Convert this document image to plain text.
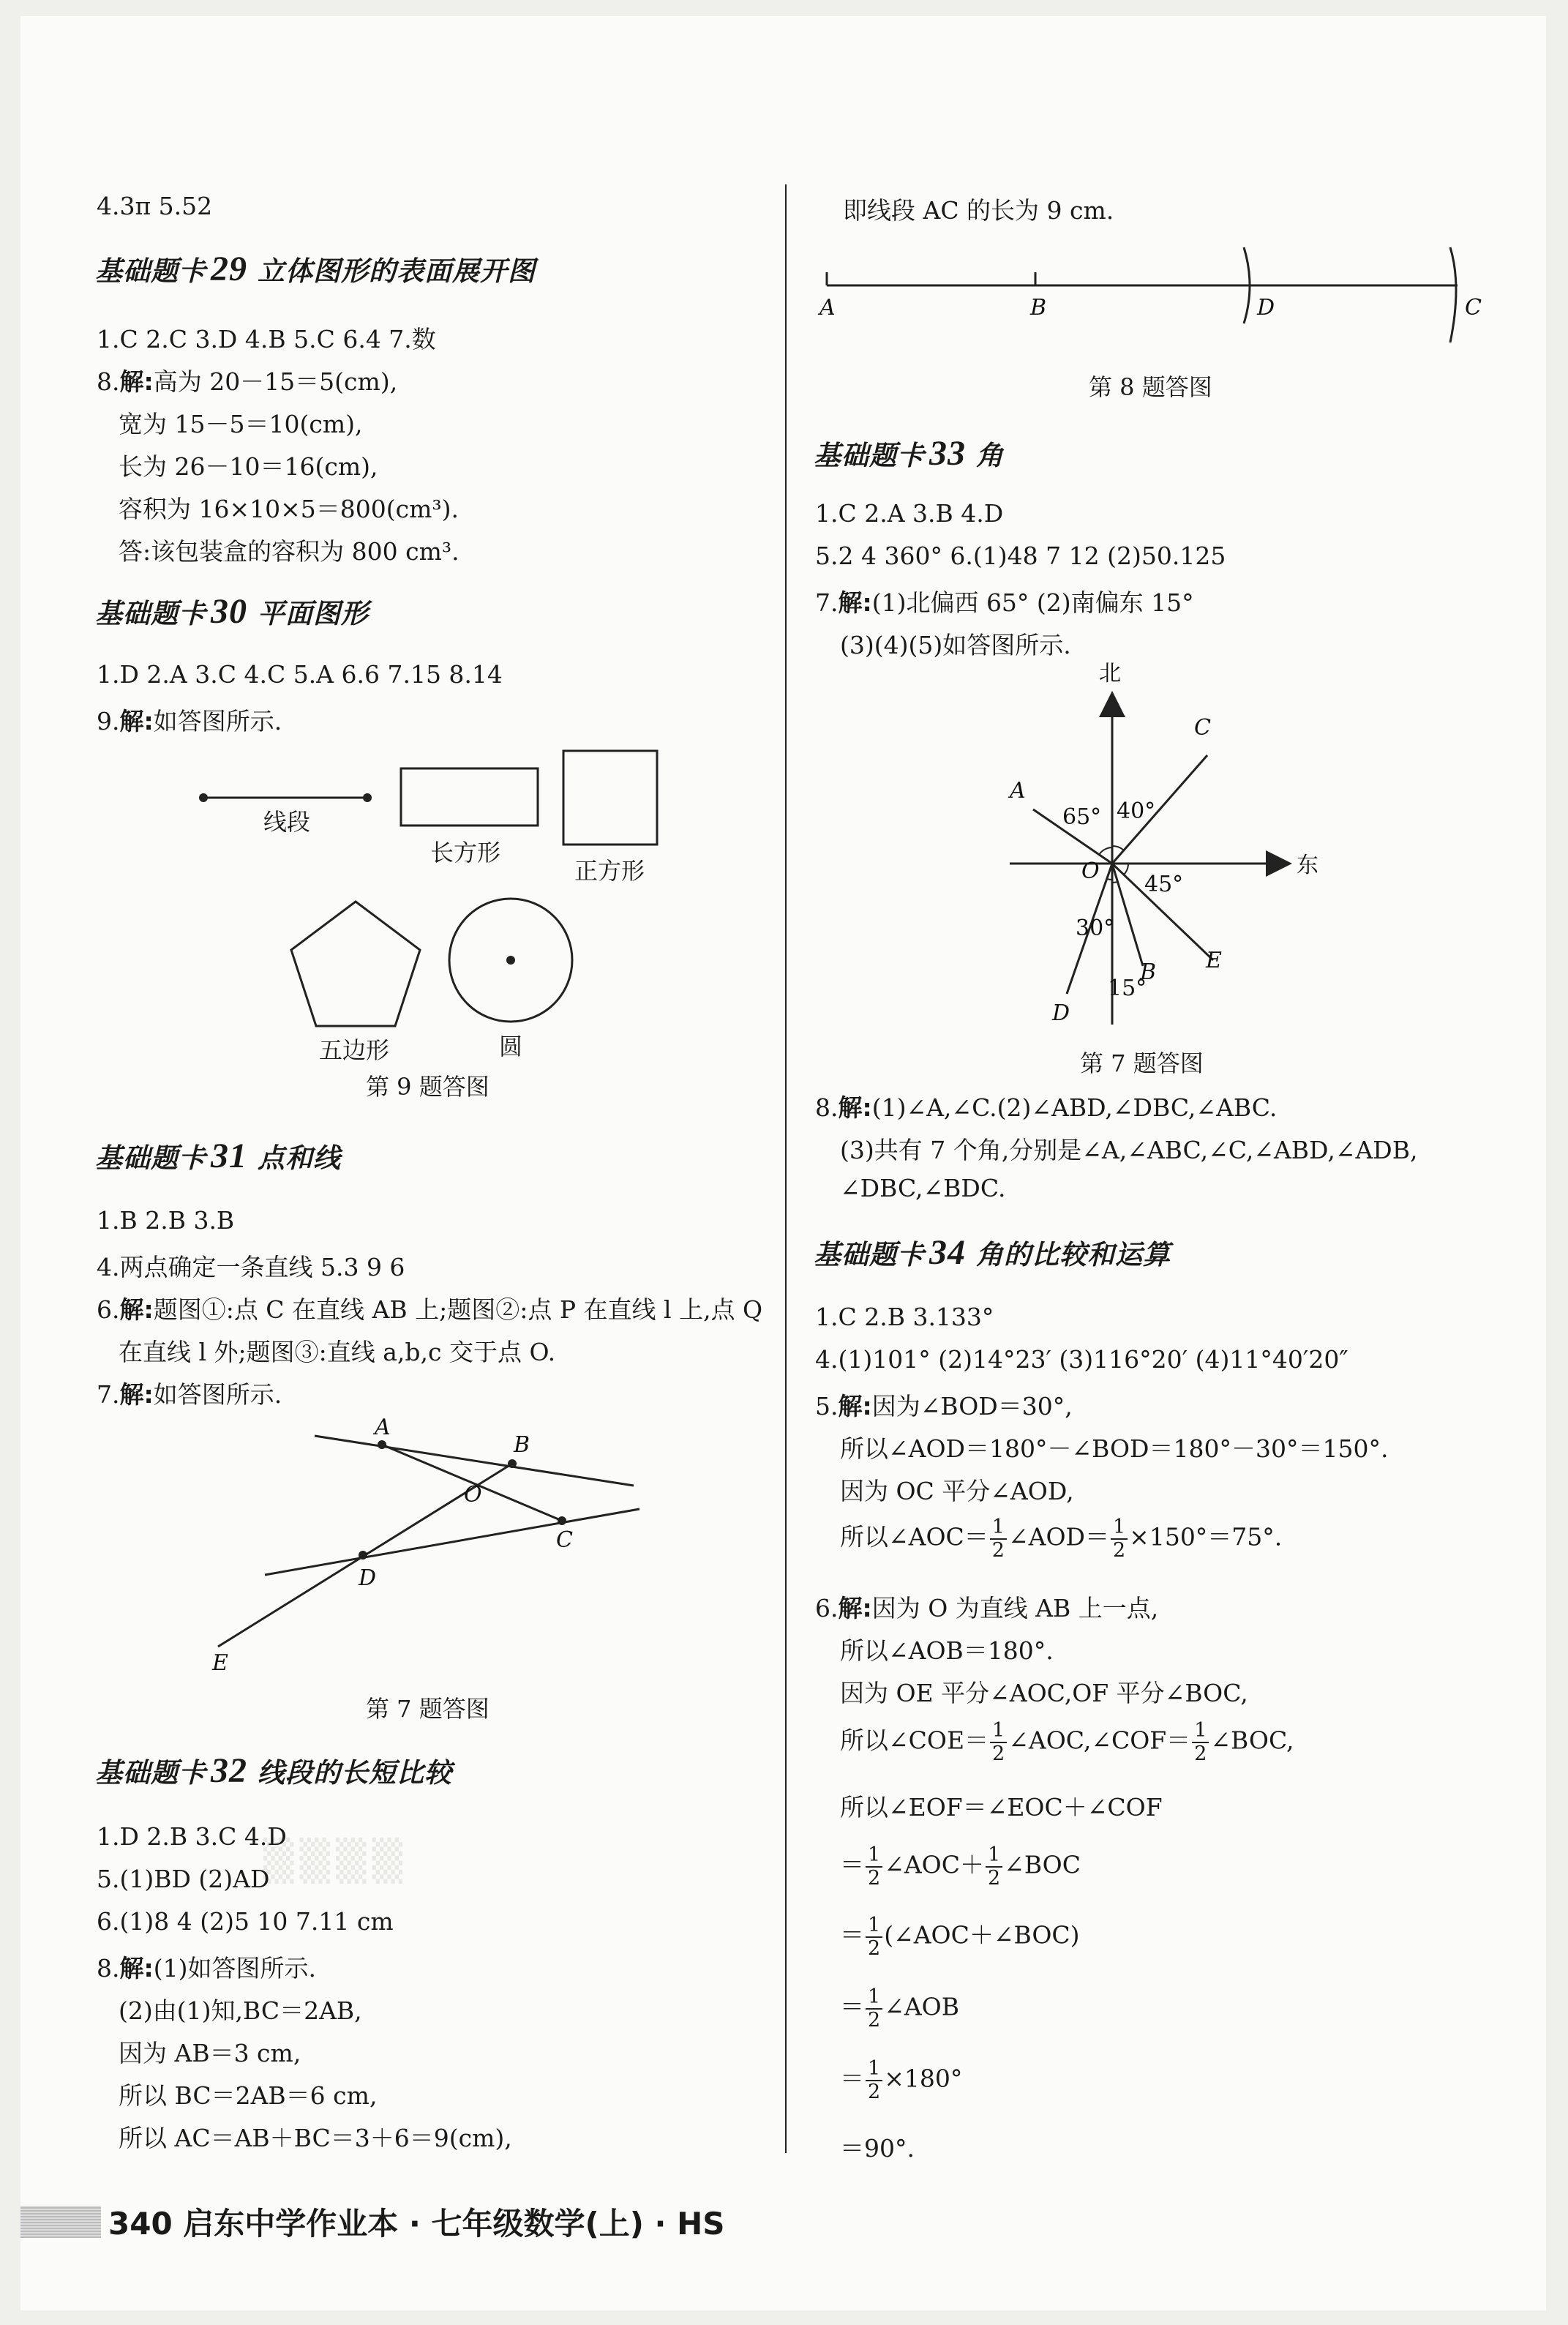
▒▒▒▒
4.3π 5.52
基础题卡 29 立体图形的表面展开图
1.C 2.C 3.D 4.B 5.C 6.4 7.数
8.解:高为 20－15＝5(cm),
宽为 15－5＝10(cm),
长为 26－10＝16(cm),
容积为 16×10×5＝800(cm³).
答:该包装盒的容积为 800 cm³.
基础题卡 30 平面图形
1.D 2.A 3.C 4.C 5.A 6.6 7.15 8.14
9.解:如答图所示.
线段
长方形
正方形
五边形	圆
第 9 题答图
基础题卡 31 点和线
1.B 2.B 3.B
4.两点确定一条直线 5.3 9 6
6.解:题图①:点 C 在直线 AB 上;题图②:点 P 在直线 l 上,点 Q
在直线 l 外;题图③:直线 a,b,c 交于点 O.
7.解:如答图所示.
A
B
O
C
D
E
第 7 题答图
基础题卡 32 线段的长短比较
1.D 2.B 3.C 4.D
5.(1)BD (2)AD
6.(1)8 4 (2)5 10 7.11 cm
8.解:(1)如答图所示.
(2)由(1)知,BC＝2AB,
因为 AB＝3 cm,
所以 BC＝2AB＝6 cm,
所以 AC＝AB＋BC＝3＋6＝9(cm),
即线段 AC 的长为 9 cm.
A	B	D	C
第 8 题答图
基础题卡 33 角
1.C 2.A 3.B 4.D
5.2 4 360° 6.(1)48 7 12 (2)50.125
7.解:(1)北偏西 65° (2)南偏东 15°
(3)(4)(5)如答图所示.
北
东
C
A
O
E
B
D
65° 40°
45°
30°
15°
第 7 题答图
8.解:(1)∠A,∠C.(2)∠ABD,∠DBC,∠ABC.
(3)共有 7 个角,分别是∠A,∠ABC,∠C,∠ABD,∠ADB,
∠DBC,∠BDC.
基础题卡 34 角的比较和运算
1.C 2.B 3.133°
4.(1)101° (2)14°23′ (3)116°20′ (4)11°40′20″
5.解:因为∠BOD＝30°,
所以∠AOD＝180°－∠BOD＝180°－30°＝150°.
因为 OC 平分∠AOD,
所以∠AOC＝ $\frac{1}{2}$ ∠AOD＝ $\frac{1}{2} \times 150^\circ=75^\circ$.
6.解:因为 O 为直线 AB 上一点,
所以∠AOB＝180°.
因为 OE 平分∠AOC,OF 平分∠BOC,
所以∠COE＝ $\frac{1}{2}$ ∠AOC,∠COF＝ $\frac{1}{2}$ ∠BOC,
所以∠EOF＝∠EOC＋∠COF
＝ $\frac{1}{2}$ ∠AOC＋ $\frac{1}{2}$ ∠BOC
＝ $\frac{1}{2}$ (∠AOC＋∠BOC)
＝ $\frac{1}{2}$ ∠AOB
＝ $\frac{1}{2} \times 180^\circ$
＝90°.
340 启东中学作业本 · 七年级数学(上) · HS
